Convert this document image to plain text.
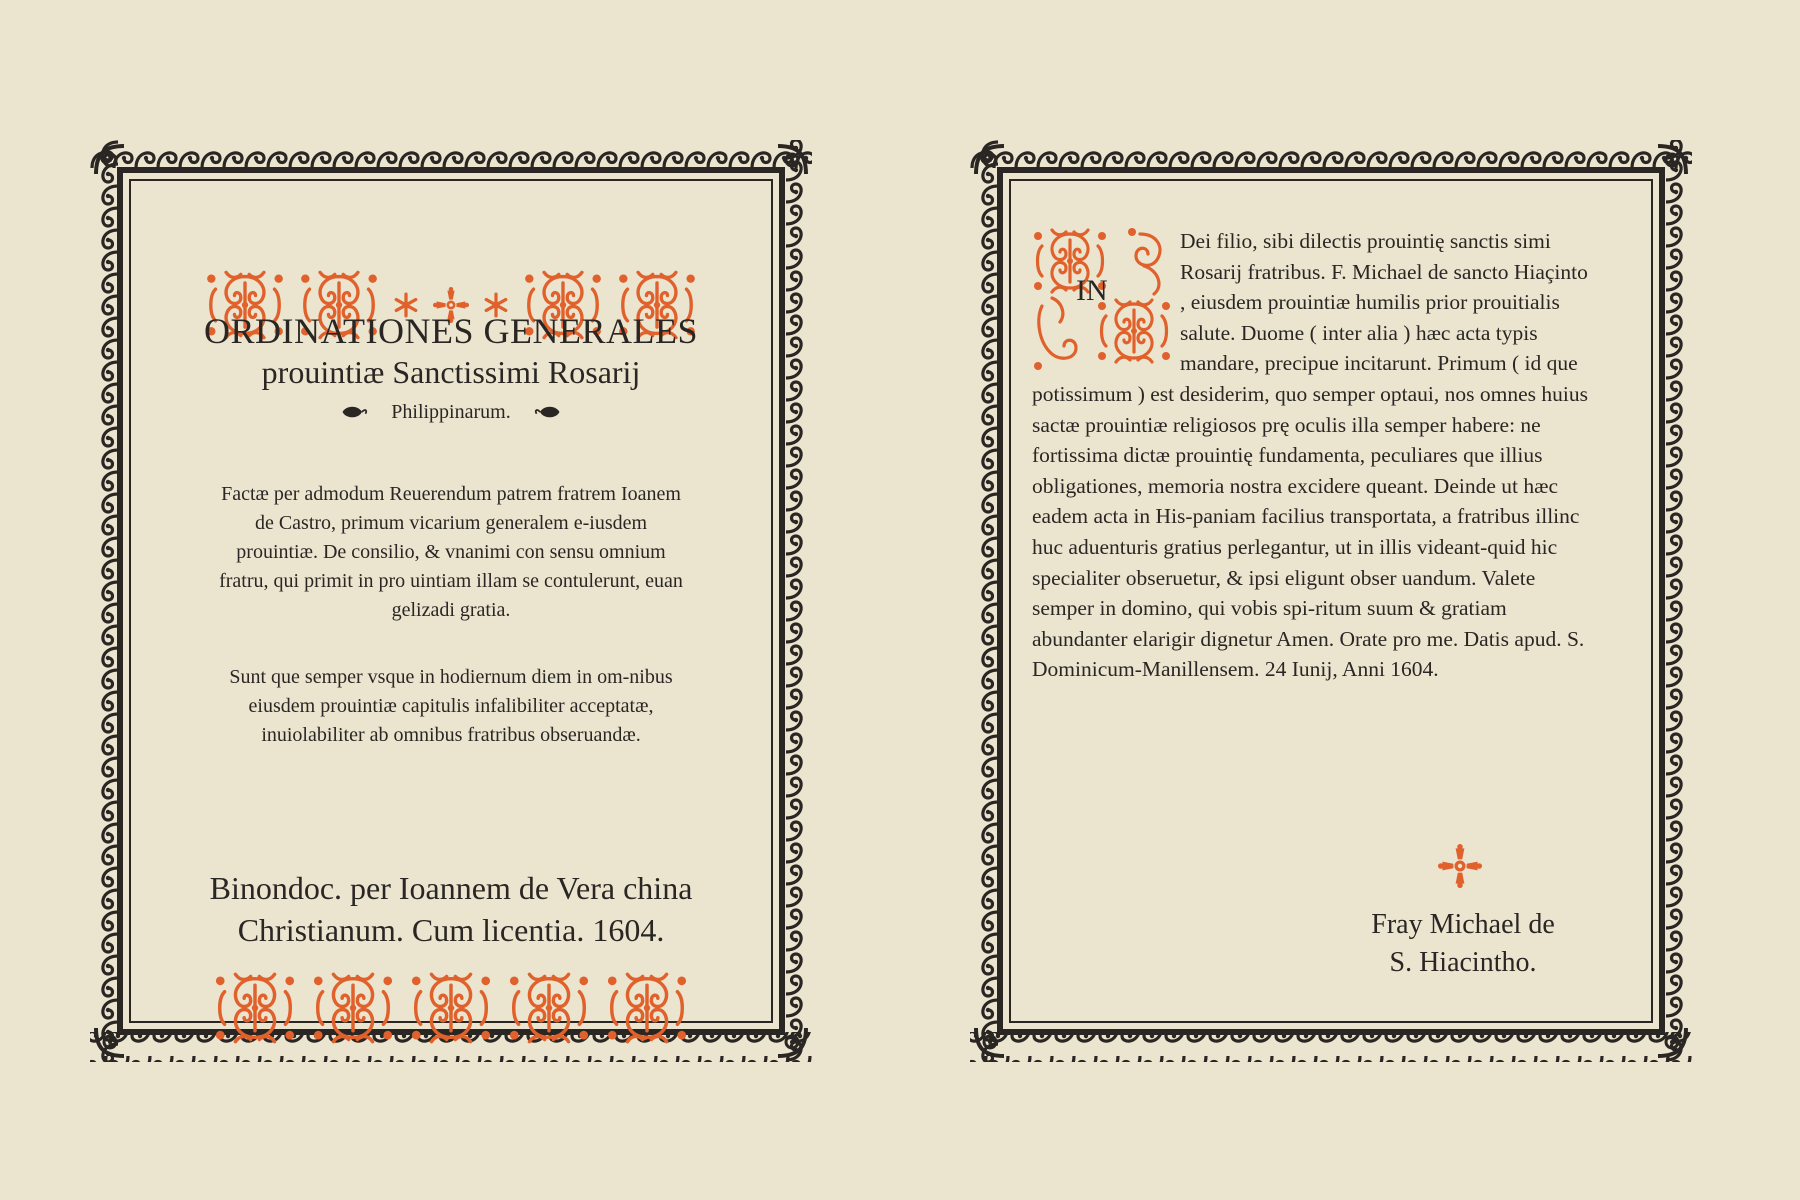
ORDINATIONES GENERALES
prouintiæ Sanctissimi Rosarij
Philippinarum.
Factæ per admodum Reuerendum patrem fratrem Ioanem de Castro, primum vicarium generalem e-iusdem prouintiæ. De consilio, & vnanimi con sensu omnium fratru, qui primit in pro uintiam illam se contulerunt, euan gelizadi gratia.
Sunt que semper vsque in hodiernum diem in om-nibus eiusdem prouintiæ capitulis infalibiliter acceptatæ, inuiolabiliter ab omnibus fratribus obseruandæ.
Binondoc. per Ioannem de Vera china
Christianum. Cum licentia. 1604.
IN
Dei filio, sibi dilectis prouintię sanctis simi Rosarij fratribus. F. Michael de sancto Hiaçinto , eiusdem prouintiæ humilis prior prouitialis salute. Duome ( inter alia ) hæc acta typis mandare, precipue incitarunt. Primum ( id que potissimum ) est desiderim, quo semper optaui, nos omnes huius sactæ prouintiæ religiosos prę oculis illa semper habere: ne fortissima dictæ prouintię fundamenta, peculiares que illius obligationes, memoria nostra excidere queant. Deinde ut hæc eadem acta in His-paniam facilius transportata, a fratribus illinc huc aduenturis gratius perlegantur, ut in illis videant-quid hic specialiter obseruetur, & ipsi eligunt obser uandum. Valete semper in domino, qui vobis spi-ritum suum & gratiam abundanter elarigir dignetur Amen. Orate pro me. Datis apud. S. Dominicum-Manillensem. 24 Iunij, Anni 1604.
Fray Michael de
S. Hiacintho.
